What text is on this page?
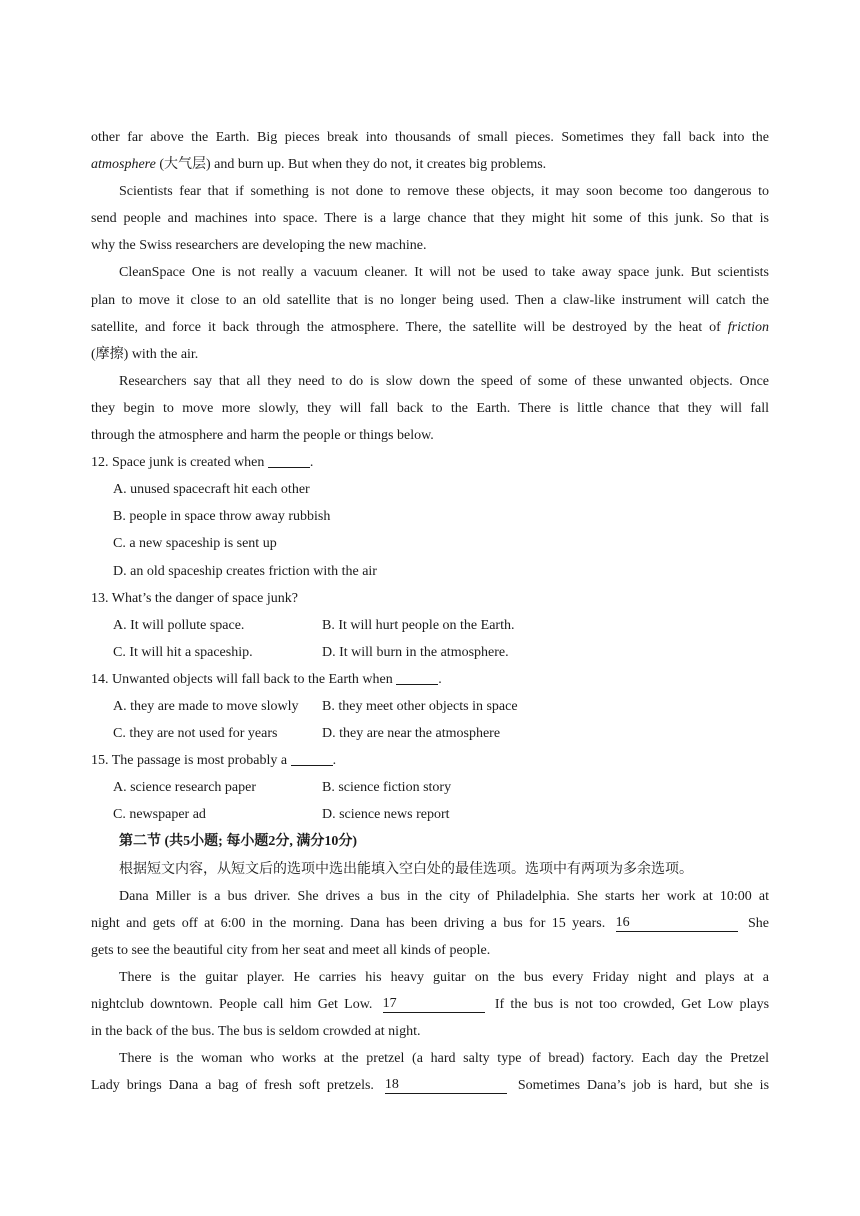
other far above the Earth. Big pieces break into thousands of small pieces. Sometimes they fall back into the
atmosphere (大气层) and burn up. But when they do not, it creates big problems.
Scientists fear that if something is not done to remove these objects, it may soon become too dangerous to
send people and machines into space. There is a large chance that they might hit some of this junk. So that is
why the Swiss researchers are developing the new machine.
CleanSpace One is not really a vacuum cleaner. It will not be used to take away space junk. But scientists
plan to move it close to an old satellite that is no longer being used. Then a claw-like instrument will catch the
satellite, and force it back through the atmosphere. There, the satellite will be destroyed by the heat of friction
(摩擦) with the air.
Researchers say that all they need to do is slow down the speed of some of these unwanted objects. Once
they begin to move more slowly, they will fall back to the Earth. There is little chance that they will fall
through the atmosphere and harm the people or things below.
12. Space junk is created when	.
A. unused spacecraft hit each other
B. people in space throw away rubbish
C. a new spaceship is sent up
D. an old spaceship creates friction with the air
13. What’s the danger of space junk?
A. It will pollute space.	B. It will hurt people on the Earth.
C. It will hit a spaceship.	D. It will burn in the atmosphere.
14. Unwanted objects will fall back to the Earth when	.
A. they are made to move slowly B. they meet other objects in space
C. they are not used for years	D. they are near the atmosphere
15. The passage is most probably a	.
A. science research paper	B. science fiction story
C. newspaper ad	D. science news report
第二节 (共5小题; 每小题2分, 满分10分)
根据短文内容，从短文后的选项中选出能填入空白处的最佳选项。选项中有两项为多余选项。
Dana Miller is a bus driver. She drives a bus in the city of Philadelphia. She starts her work at 10:00 at
night and gets off at 6:00 in the morning. Dana has been driving a bus for 15 years. 16	She
gets to see the beautiful city from her seat and meet all kinds of people.
There is the guitar player. He carries his heavy guitar on the bus every Friday night and plays at a
nightclub downtown. People call him Get Low. 17	If the bus is not too crowded, Get Low plays
in the back of the bus. The bus is seldom crowded at night.
There is the woman who works at the pretzel (a hard salty type of bread) factory. Each day the Pretzel
Lady brings Dana a bag of fresh soft pretzels. 18	Sometimes Dana’s job is hard, but she is
